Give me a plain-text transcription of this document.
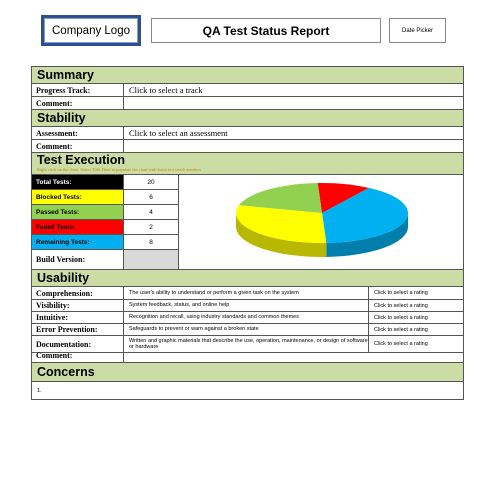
Company Logo	QA Test Status Report	Date Picker
Summary
Progress Track:	Click to select a track
Comment:
Stability
Assessment:	Click to select an assessment
Comment:
Test Execution
Right click on the chart. Select 'Edit Data' to populate the chart with latest test result numbers
Total Tests:	20
Blocked Tests:	6
Passed Tests:	4
Failed Tests:	2
Remaining Tests:	8
Build Version:
Usability
Comprehension:	The user's ability to understand or perform a given task on the system	Click to select a rating
Visibility:	System feedback, status, and online help	Click to select a rating
Intuitive:	Recognition and recall, using industry standards and common themes	Click to select a rating
Error Prevention:	Safeguards to prevent or warn against a broken state	Click to select a rating
Documentation:	Written and graphic materials that describe the use, operation, maintenance, or design of software or hardware	Click to select a rating
Comment:
Concerns
1.
